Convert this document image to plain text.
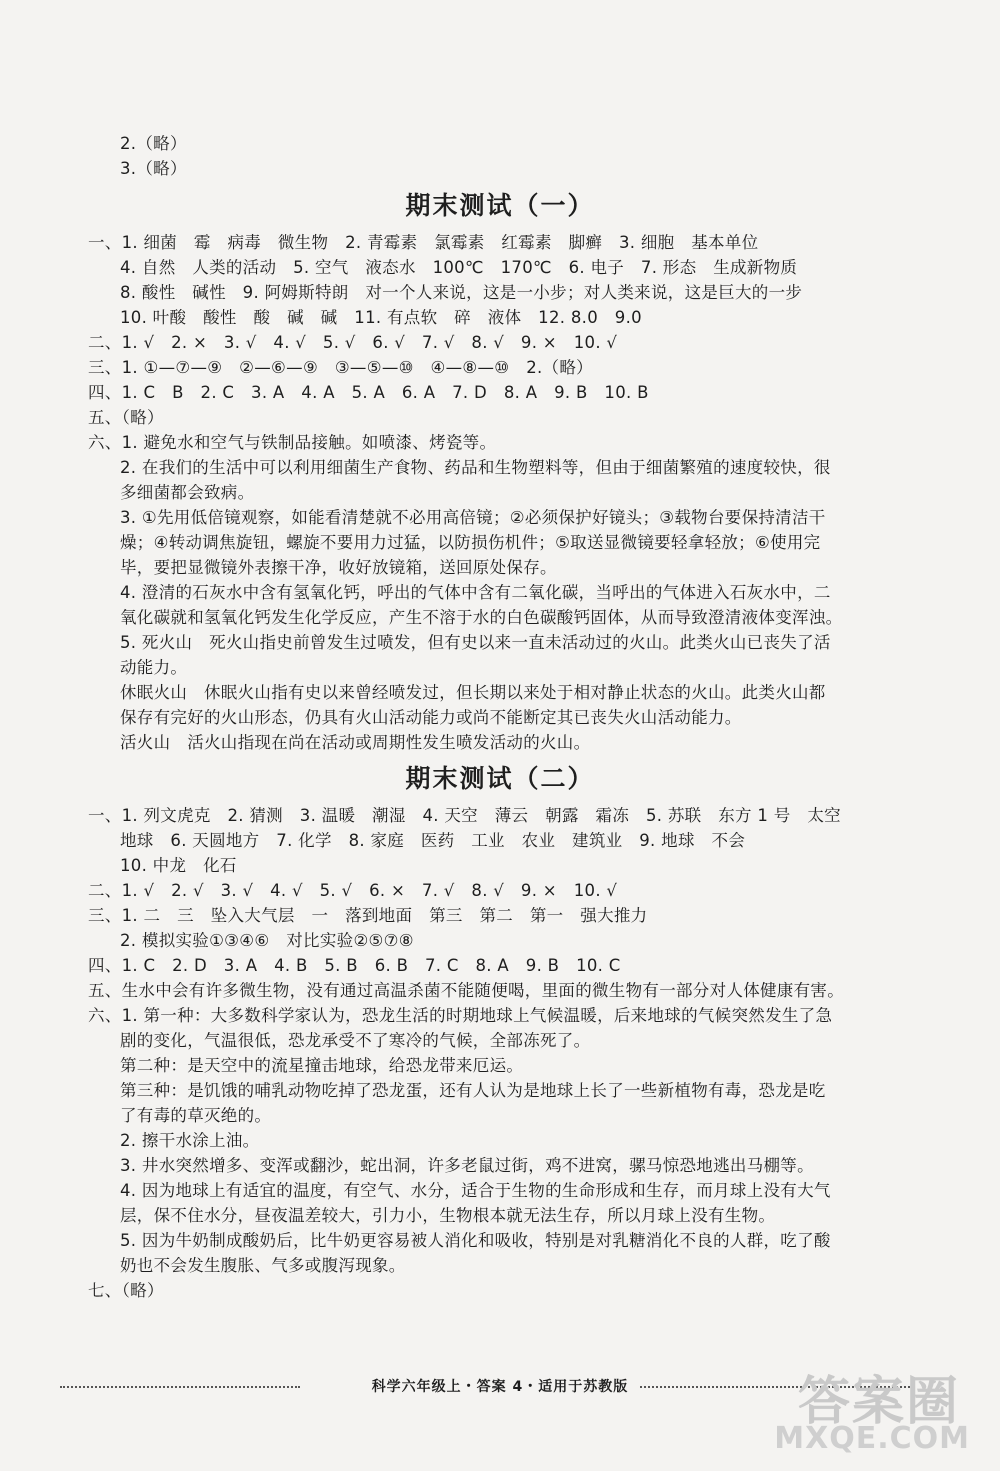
2.（略）
3.（略）
期末测试（一）
一、1. 细菌　霉　病毒　微生物　2. 青霉素　氯霉素　红霉素　脚癣　3. 细胞　基本单位
4. 自然　人类的活动　5. 空气　液态水　100℃　170℃　6. 电子　7. 形态　生成新物质
8. 酸性　碱性　9. 阿姆斯特朗　对一个人来说，这是一小步；对人类来说，这是巨大的一步
10. 叶酸　酸性　酸　碱　碱　11. 有点软　碎　液体　12. 8.0　9.0
二、1. √　2. ×　3. √　4. √　5. √　6. √　7. √　8. √　9. ×　10. √
三、1. ①—⑦—⑨　②—⑥—⑨　③—⑤—⑩　④—⑧—⑩　2.（略）
四、1. C　B　2. C　3. A　4. A　5. A　6. A　7. D　8. A　9. B　10. B
五、（略）
六、1. 避免水和空气与铁制品接触。如喷漆、烤瓷等。
2. 在我们的生活中可以利用细菌生产食物、药品和生物塑料等，但由于细菌繁殖的速度较快，很
多细菌都会致病。
3. ①先用低倍镜观察，如能看清楚就不必用高倍镜；②必须保护好镜头；③载物台要保持清洁干
燥；④转动调焦旋钮，螺旋不要用力过猛，以防损伤机件；⑤取送显微镜要轻拿轻放；⑥使用完
毕，要把显微镜外表擦干净，收好放镜箱，送回原处保存。
4. 澄清的石灰水中含有氢氧化钙，呼出的气体中含有二氧化碳，当呼出的气体进入石灰水中，二
氧化碳就和氢氧化钙发生化学反应，产生不溶于水的白色碳酸钙固体，从而导致澄清液体变浑浊。
5. 死火山　死火山指史前曾发生过喷发，但有史以来一直未活动过的火山。此类火山已丧失了活
动能力。
休眠火山　休眠火山指有史以来曾经喷发过，但长期以来处于相对静止状态的火山。此类火山都
保存有完好的火山形态，仍具有火山活动能力或尚不能断定其已丧失火山活动能力。
活火山　活火山指现在尚在活动或周期性发生喷发活动的火山。
期末测试（二）
一、1. 列文虎克　2. 猜测　3. 温暖　潮湿　4. 天空　薄云　朝露　霜冻　5. 苏联　东方 1 号　太空
地球　6. 天圆地方　7. 化学　8. 家庭　医药　工业　农业　建筑业　9. 地球　不会
10. 中龙　化石
二、1. √　2. √　3. √　4. √　5. √　6. ×　7. √　8. √　9. ×　10. √
三、1. 二　三　坠入大气层　一　落到地面　第三　第二　第一　强大推力
2. 模拟实验①③④⑥　对比实验②⑤⑦⑧
四、1. C　2. D　3. A　4. B　5. B　6. B　7. C　8. A　9. B　10. C
五、生水中会有许多微生物，没有通过高温杀菌不能随便喝，里面的微生物有一部分对人体健康有害。
六、1. 第一种：大多数科学家认为，恐龙生活的时期地球上气候温暖，后来地球的气候突然发生了急
剧的变化，气温很低，恐龙承受不了寒冷的气候，全部冻死了。
第二种：是天空中的流星撞击地球，给恐龙带来厄运。
第三种：是饥饿的哺乳动物吃掉了恐龙蛋，还有人认为是地球上长了一些新植物有毒，恐龙是吃
了有毒的草灭绝的。
2. 擦干水涂上油。
3. 井水突然增多、变浑或翻沙，蛇出洞，许多老鼠过街，鸡不进窝，骡马惊恐地逃出马棚等。
4. 因为地球上有适宜的温度，有空气、水分，适合于生物的生命形成和生存，而月球上没有大气
层，保不住水分，昼夜温差较大，引力小，生物根本就无法生存，所以月球上没有生物。
5. 因为牛奶制成酸奶后，比牛奶更容易被人消化和吸收，特别是对乳糖消化不良的人群，吃了酸
奶也不会发生腹胀、气多或腹泻现象。
七、（略）
科学六年级上・答案 4・适用于苏教版	答案圈
MXQE.COM
